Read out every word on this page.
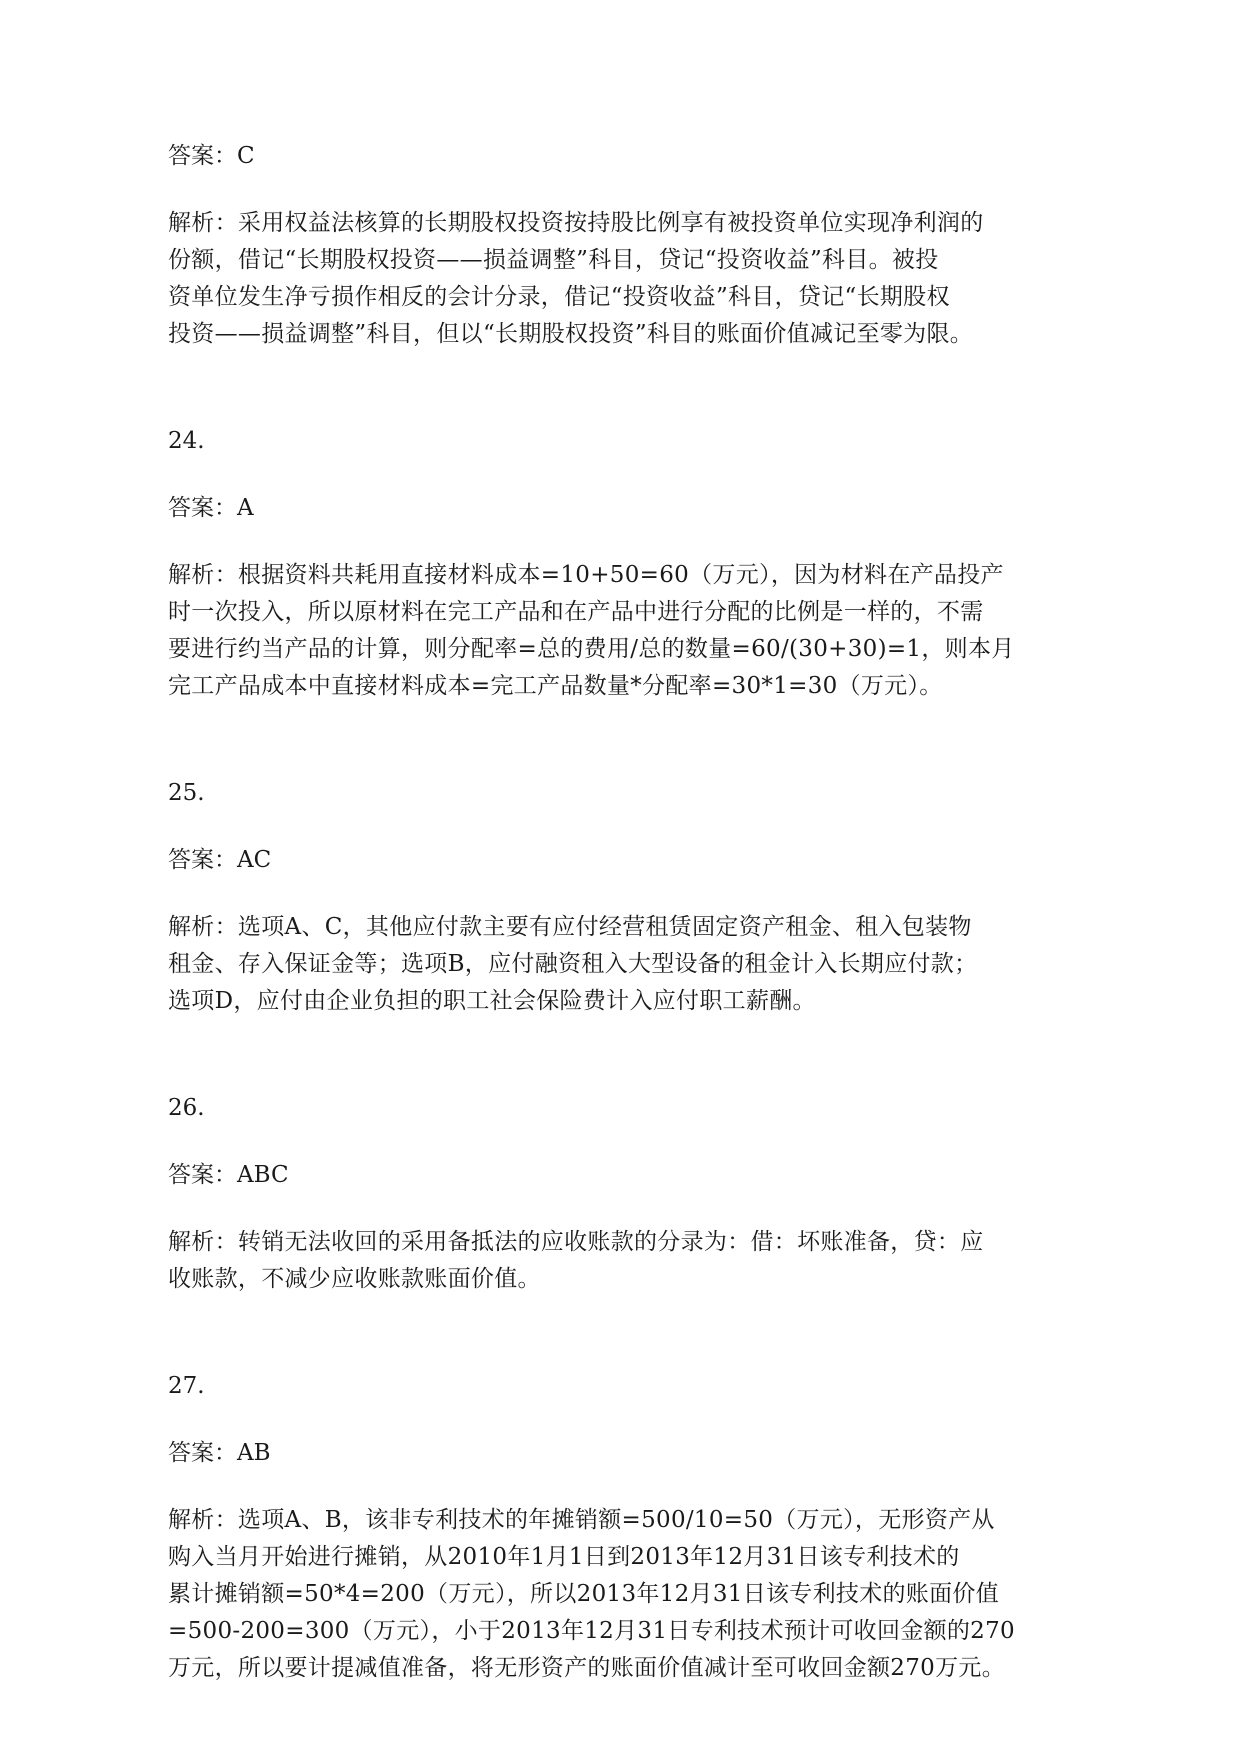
答案：C
解析：采用权益法核算的长期股权投资按持股比例享有被投资单位实现净利润的
份额，借记“长期股权投资——损益调整”科目，贷记“投资收益”科目。被投
资单位发生净亏损作相反的会计分录，借记“投资收益”科目，贷记“长期股权
投资——损益调整”科目，但以“长期股权投资”科目的账面价值减记至零为限。
24.
答案：A
解析：根据资料共耗用直接材料成本=10+50=60（万元），因为材料在产品投产
时一次投入，所以原材料在完工产品和在产品中进行分配的比例是一样的，不需
要进行约当产品的计算，则分配率=总的费用/总的数量=60/(30+30)=1，则本月
完工产品成本中直接材料成本=完工产品数量*分配率=30*1=30（万元）。
25.
答案：AC
解析：选项A、C，其他应付款主要有应付经营租赁固定资产租金、租入包装物
租金、存入保证金等；选项B，应付融资租入大型设备的租金计入长期应付款；
选项D，应付由企业负担的职工社会保险费计入应付职工薪酬。
26.
答案：ABC
解析：转销无法收回的采用备抵法的应收账款的分录为：借：坏账准备，贷：应
收账款，不减少应收账款账面价值。
27.
答案：AB
解析：选项A、B，该非专利技术的年摊销额=500/10=50（万元），无形资产从
购入当月开始进行摊销，从2010年1月1日到2013年12月31日该专利技术的
累计摊销额=50*4=200（万元），所以2013年12月31日该专利技术的账面价值
=500-200=300（万元），小于2013年12月31日专利技术预计可收回金额的270
万元，所以要计提减值准备，将无形资产的账面价值减计至可收回金额270万元。
